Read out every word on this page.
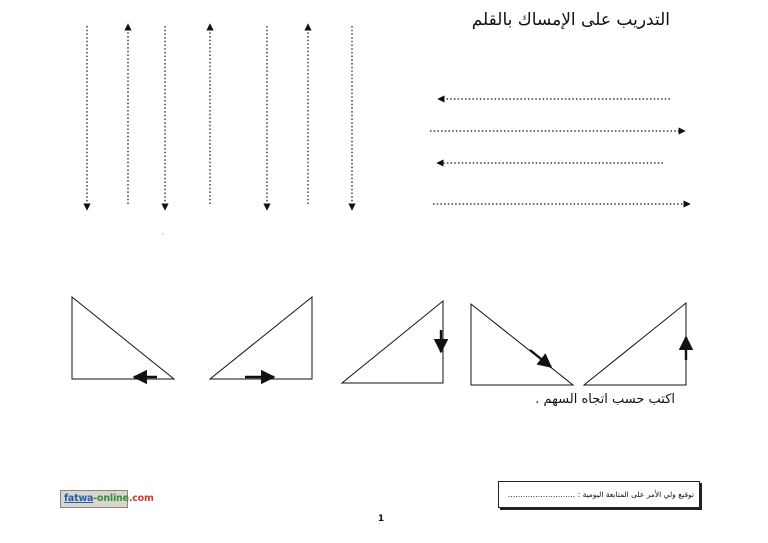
التدريب على الإمساك بالقلم
اكتب حسب اتجاه السهم .
fatwa-online.com	توقيع ولي الأمر على المتابعة اليومية : ………………………
1
